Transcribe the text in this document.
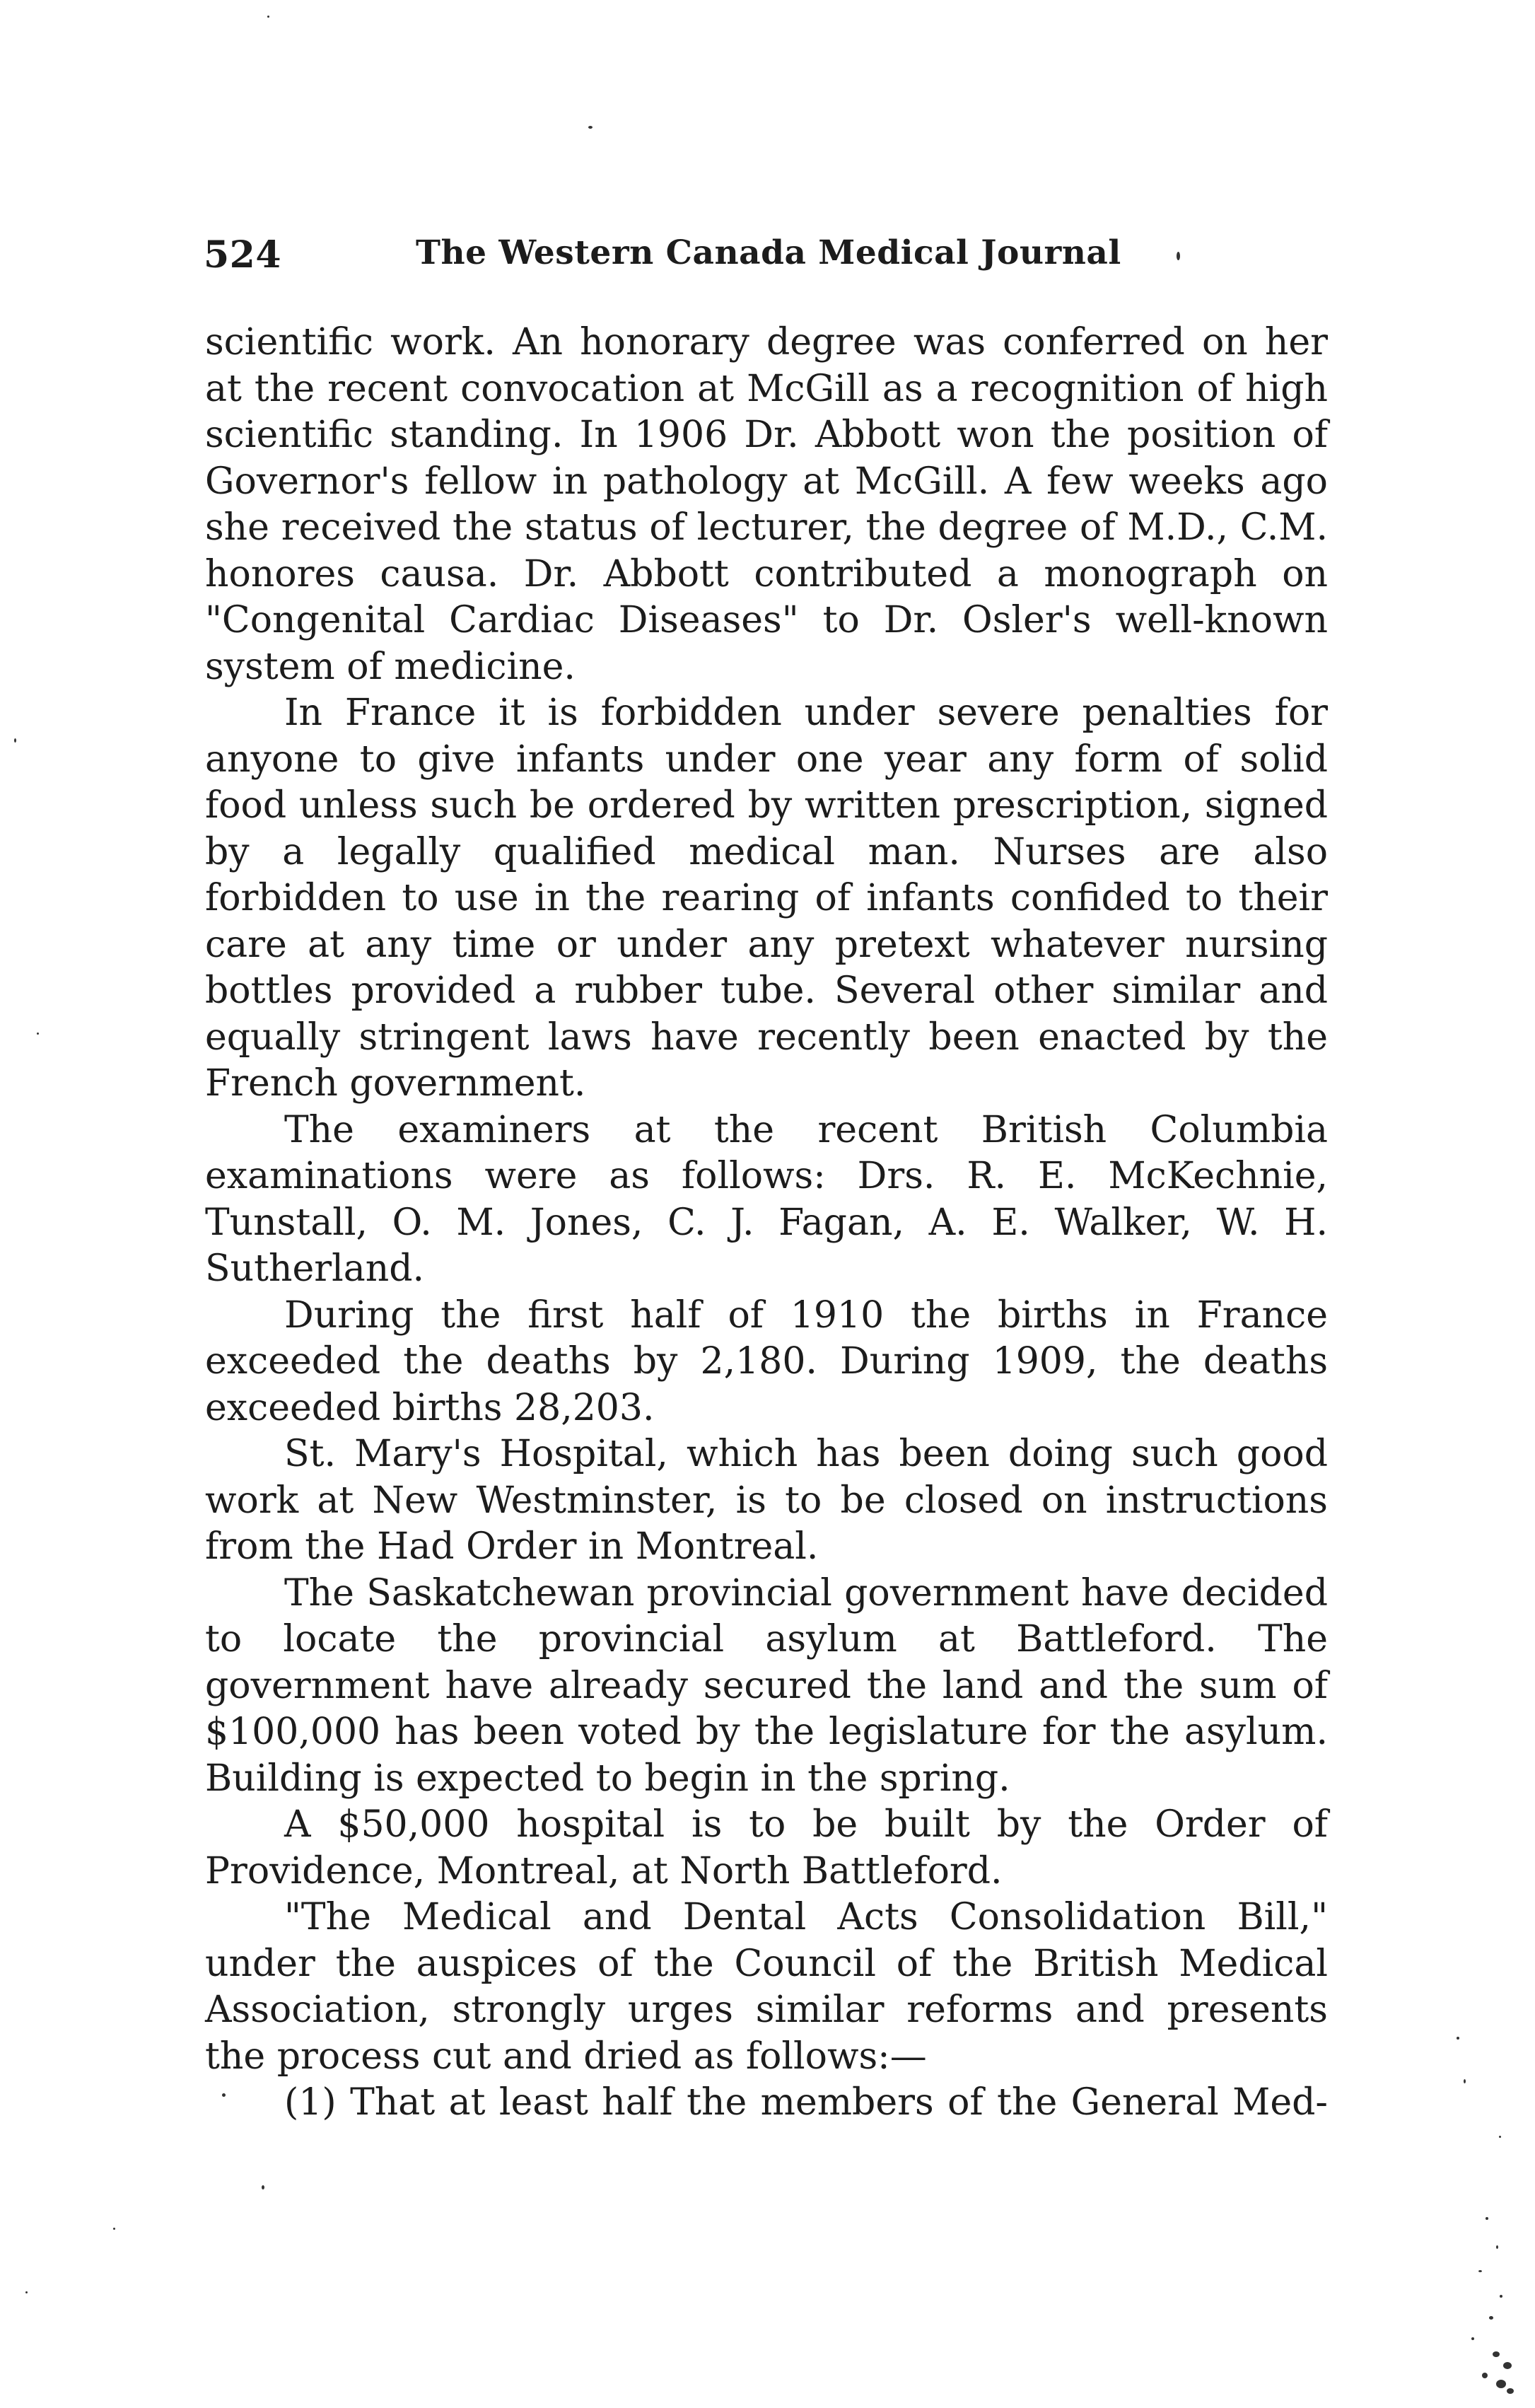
524	The Western Canada Medical Journal

scientific work. An honorary degree was conferred on her at the recent convocation at McGill as a recognition of high scientific standing. In 1906 Dr. Abbott won the position of Governor's fellow in pathology at McGill. A few weeks ago she received the status of lecturer, the degree of M.D., C.M. honores causa. Dr. Abbott contributed a monograph on "Congenital Cardiac Diseases" to Dr. Osler's well-known system of medicine.

In France it is forbidden under severe penalties for anyone to give infants under one year any form of solid food unless such be ordered by written prescription, signed by a legally qualified medical man. Nurses are also forbidden to use in the rearing of infants confided to their care at any time or under any pretext whatever nursing bottles provided a rubber tube. Several other similar and equally stringent laws have recently been enacted by the French government.

The examiners at the recent British Columbia examinations were as follows: Drs. R. E. McKechnie, Tunstall, O. M. Jones, C. J. Fagan, A. E. Walker, W. H. Sutherland.

During the first half of 1910 the births in France exceeded the deaths by 2,180. During 1909, the deaths exceeded births 28,203.

St. Mary's Hospital, which has been doing such good work at New Westminster, is to be closed on instructions from the Had Order in Montreal.

The Saskatchewan provincial government have decided to locate the provincial asylum at Battleford. The government have already secured the land and the sum of $100,000 has been voted by the legislature for the asylum. Building is expected to begin in the spring.

A $50,000 hospital is to be built by the Order of Providence, Montreal, at North Battleford.

"The Medical and Dental Acts Consolidation Bill," under the auspices of the Council of the British Medical Association, strongly urges similar reforms and presents the process cut and dried as follows:—

(1) That at least half the members of the General Med-
